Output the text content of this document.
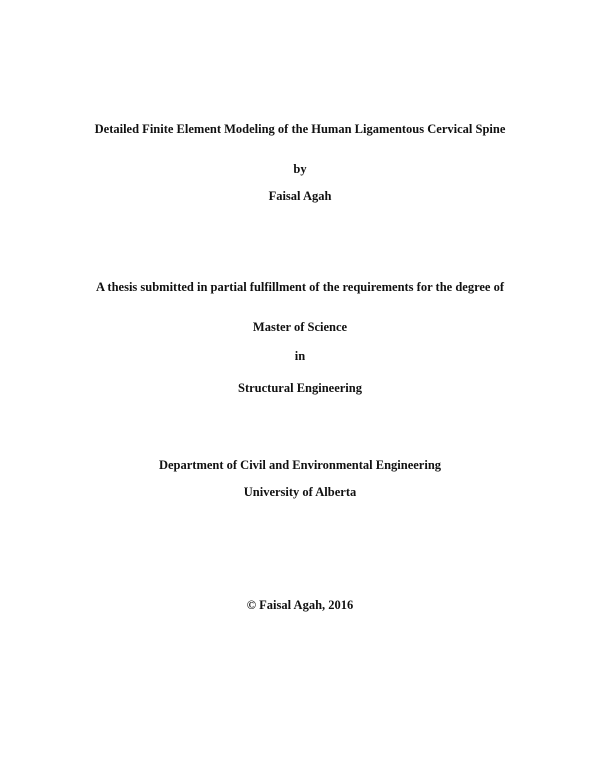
Detailed Finite Element Modeling of the Human Ligamentous Cervical Spine
by
Faisal Agah
A thesis submitted in partial fulfillment of the requirements for the degree of
Master of Science
in
Structural Engineering
Department of Civil and Environmental Engineering
University of Alberta
© Faisal Agah, 2016
